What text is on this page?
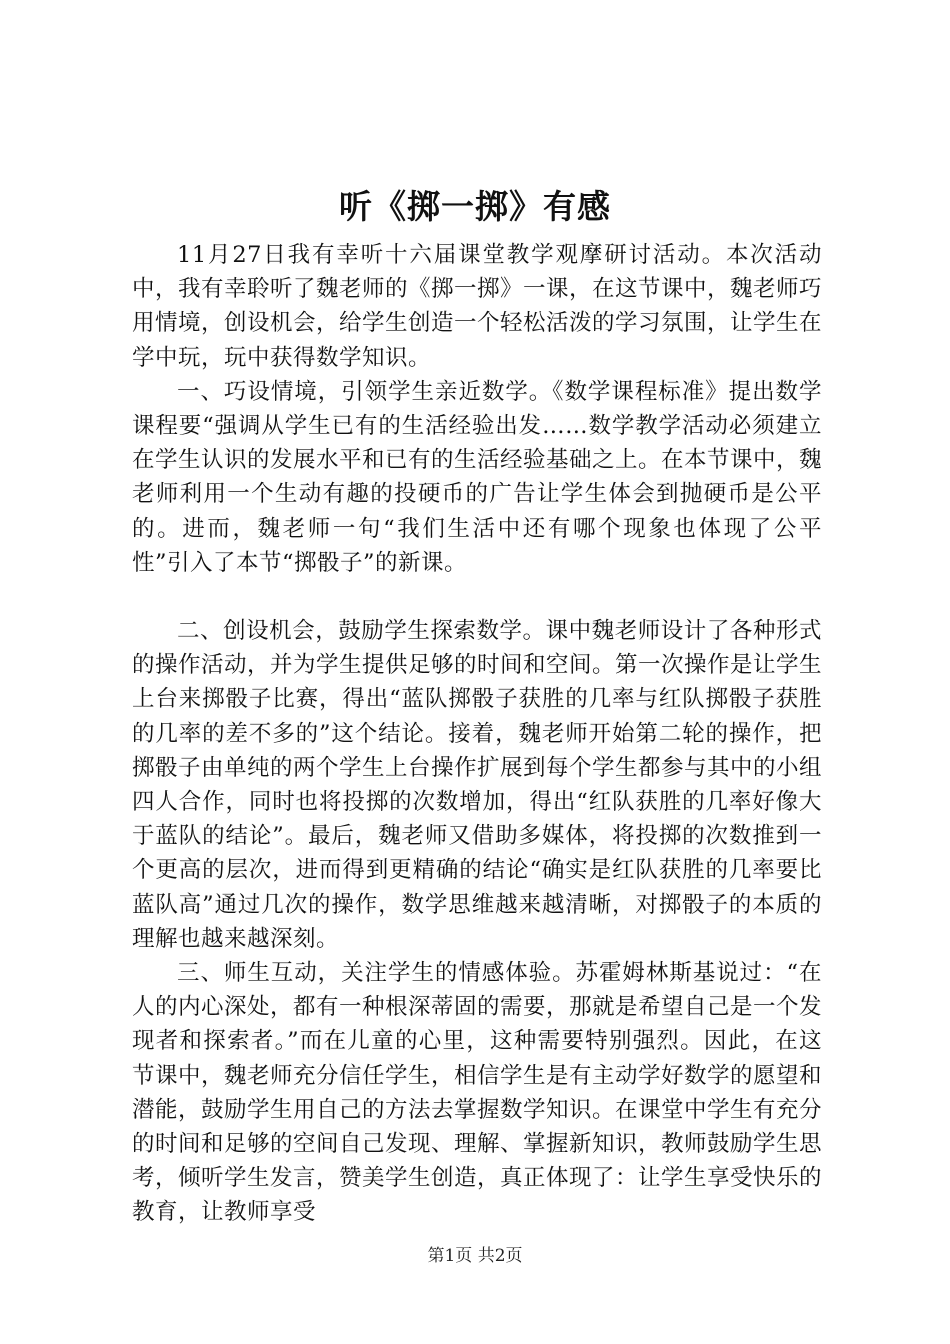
听《掷一掷》有感

11月27日我有幸听十六届课堂教学观摩研讨活动。本次活动中，我有幸聆听了魏老师的《掷一掷》一课，在这节课中，魏老师巧用情境，创设机会，给学生创造一个轻松活泼的学习氛围，让学生在学中玩，玩中获得数学知识。

一、巧设情境，引领学生亲近数学。《数学课程标准》提出数学课程要“强调从学生已有的生活经验出发……数学教学活动必须建立在学生认识的发展水平和已有的生活经验基础之上。在本节课中，魏老师利用一个生动有趣的投硬币的广告让学生体会到抛硬币是公平的。进而，魏老师一句“我们生活中还有哪个现象也体现了公平性”引入了本节“掷骰子”的新课。

二、创设机会，鼓励学生探索数学。课中魏老师设计了各种形式的操作活动，并为学生提供足够的时间和空间。第一次操作是让学生上台来掷骰子比赛，得出“蓝队掷骰子获胜的几率与红队掷骰子获胜的几率的差不多的”这个结论。接着，魏老师开始第二轮的操作，把掷骰子由单纯的两个学生上台操作扩展到每个学生都参与其中的小组四人合作，同时也将投掷的次数增加，得出“红队获胜的几率好像大于蓝队的结论”。最后，魏老师又借助多媒体，将投掷的次数推到一个更高的层次，进而得到更精确的结论“确实是红队获胜的几率要比蓝队高”通过几次的操作，数学思维越来越清晰，对掷骰子的本质的理解也越来越深刻。

三、师生互动，关注学生的情感体验。苏霍姆林斯基说过：“在人的内心深处，都有一种根深蒂固的需要，那就是希望自己是一个发现者和探索者。”而在儿童的心里，这种需要特别强烈。因此，在这节课中，魏老师充分信任学生，相信学生是有主动学好数学的愿望和潜能，鼓励学生用自己的方法去掌握数学知识。在课堂中学生有充分的时间和足够的空间自己发现、理解、掌握新知识，教师鼓励学生思考，倾听学生发言，赞美学生创造，真正体现了：让学生享受快乐的教育，让教师享受

第1页 共2页
